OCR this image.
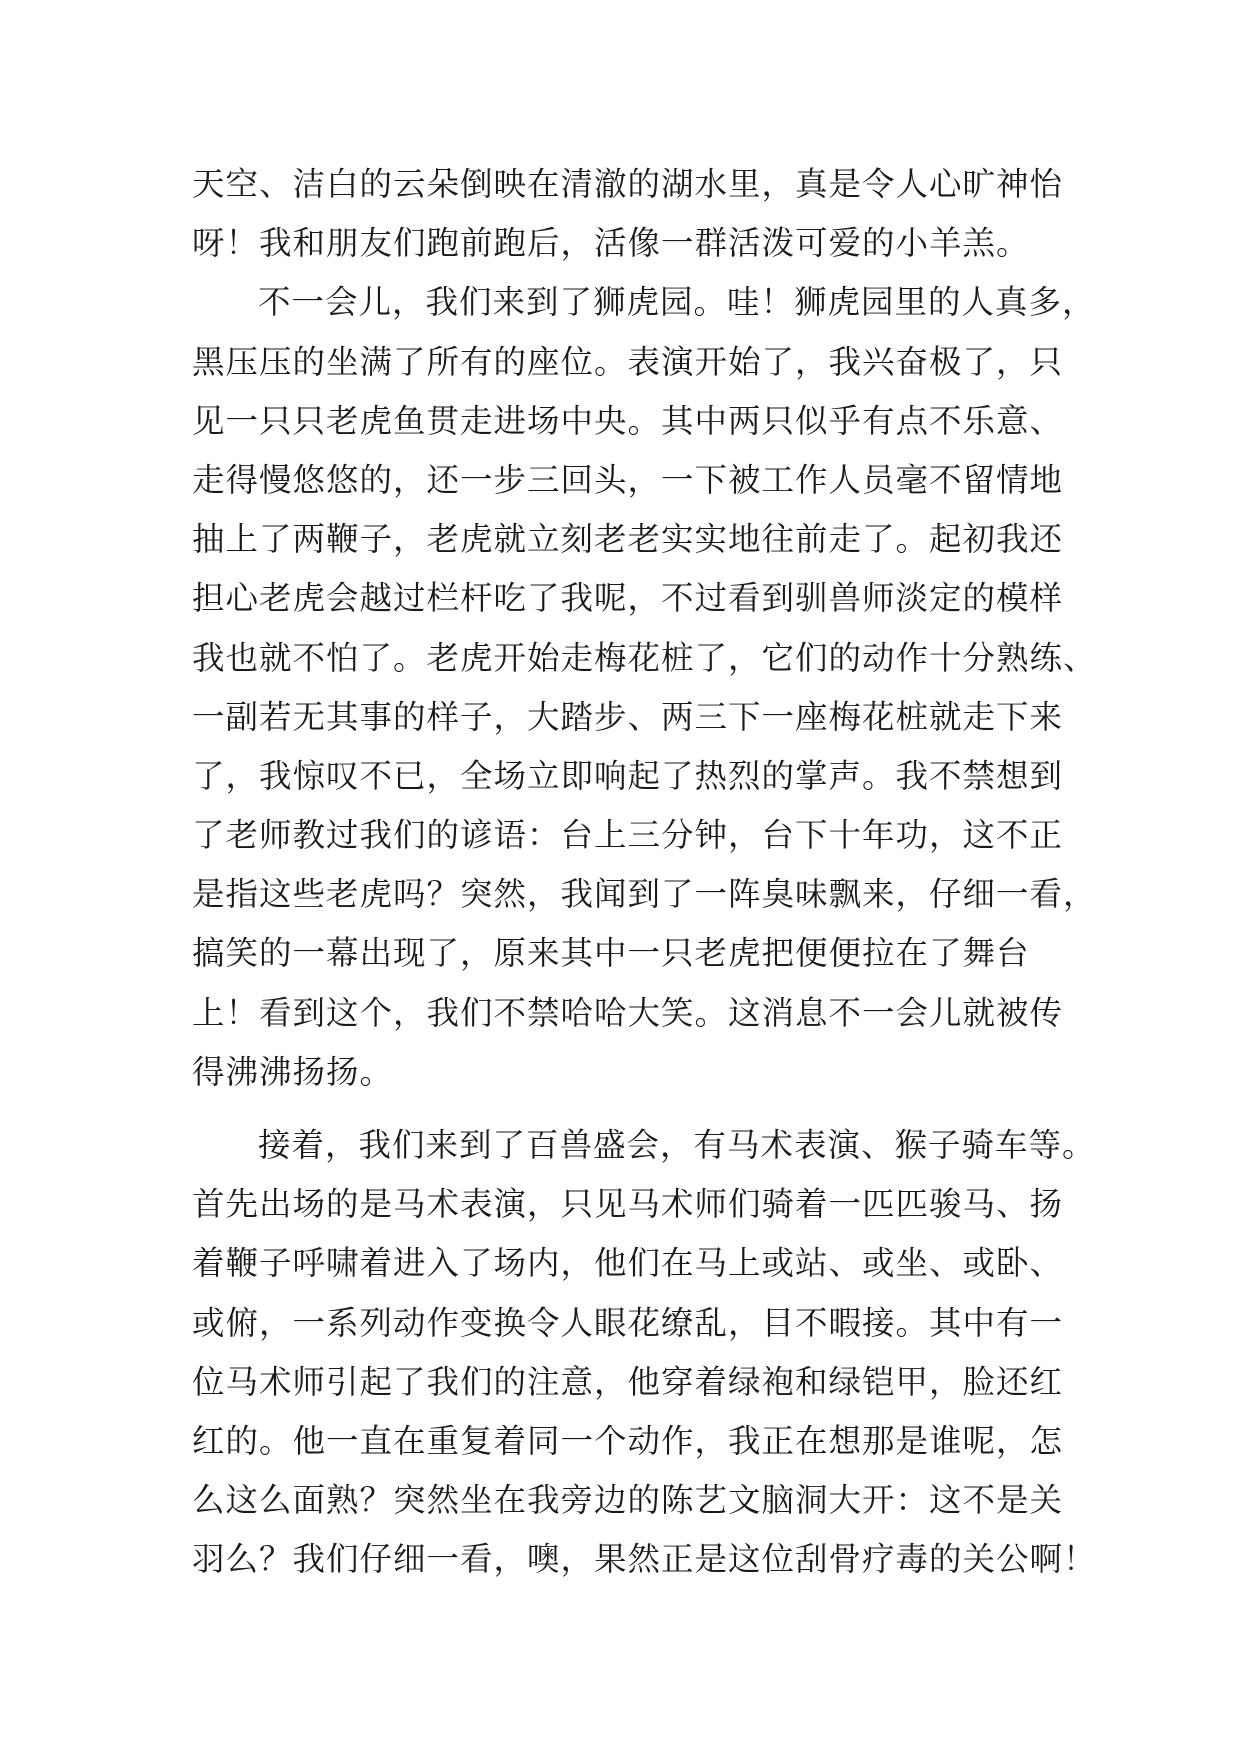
天空、洁白的云朵倒映在清澈的湖水里，真是令人心旷神怡
呀！我和朋友们跑前跑后，活像一群活泼可爱的小羊羔。
不一会儿，我们来到了狮虎园。哇！狮虎园里的人真多，
黑压压的坐满了所有的座位。表演开始了，我兴奋极了，只
见一只只老虎鱼贯走进场中央。其中两只似乎有点不乐意、
走得慢悠悠的，还一步三回头，一下被工作人员毫不留情地
抽上了两鞭子，老虎就立刻老老实实地往前走了。起初我还
担心老虎会越过栏杆吃了我呢，不过看到驯兽师淡定的模样
我也就不怕了。老虎开始走梅花桩了，它们的动作十分熟练、
一副若无其事的样子，大踏步、两三下一座梅花桩就走下来
了，我惊叹不已，全场立即响起了热烈的掌声。我不禁想到
了老师教过我们的谚语：台上三分钟，台下十年功，这不正
是指这些老虎吗？突然，我闻到了一阵臭味飘来，仔细一看，
搞笑的一幕出现了，原来其中一只老虎把便便拉在了舞台
上！看到这个，我们不禁哈哈大笑。这消息不一会儿就被传
得沸沸扬扬。
接着，我们来到了百兽盛会，有马术表演、猴子骑车等。
首先出场的是马术表演，只见马术师们骑着一匹匹骏马、扬
着鞭子呼啸着进入了场内，他们在马上或站、或坐、或卧、
或俯，一系列动作变换令人眼花缭乱，目不暇接。其中有一
位马术师引起了我们的注意，他穿着绿袍和绿铠甲，脸还红
红的。他一直在重复着同一个动作，我正在想那是谁呢，怎
么这么面熟？突然坐在我旁边的陈艺文脑洞大开：这不是关
羽么？我们仔细一看，噢，果然正是这位刮骨疗毒的关公啊！
